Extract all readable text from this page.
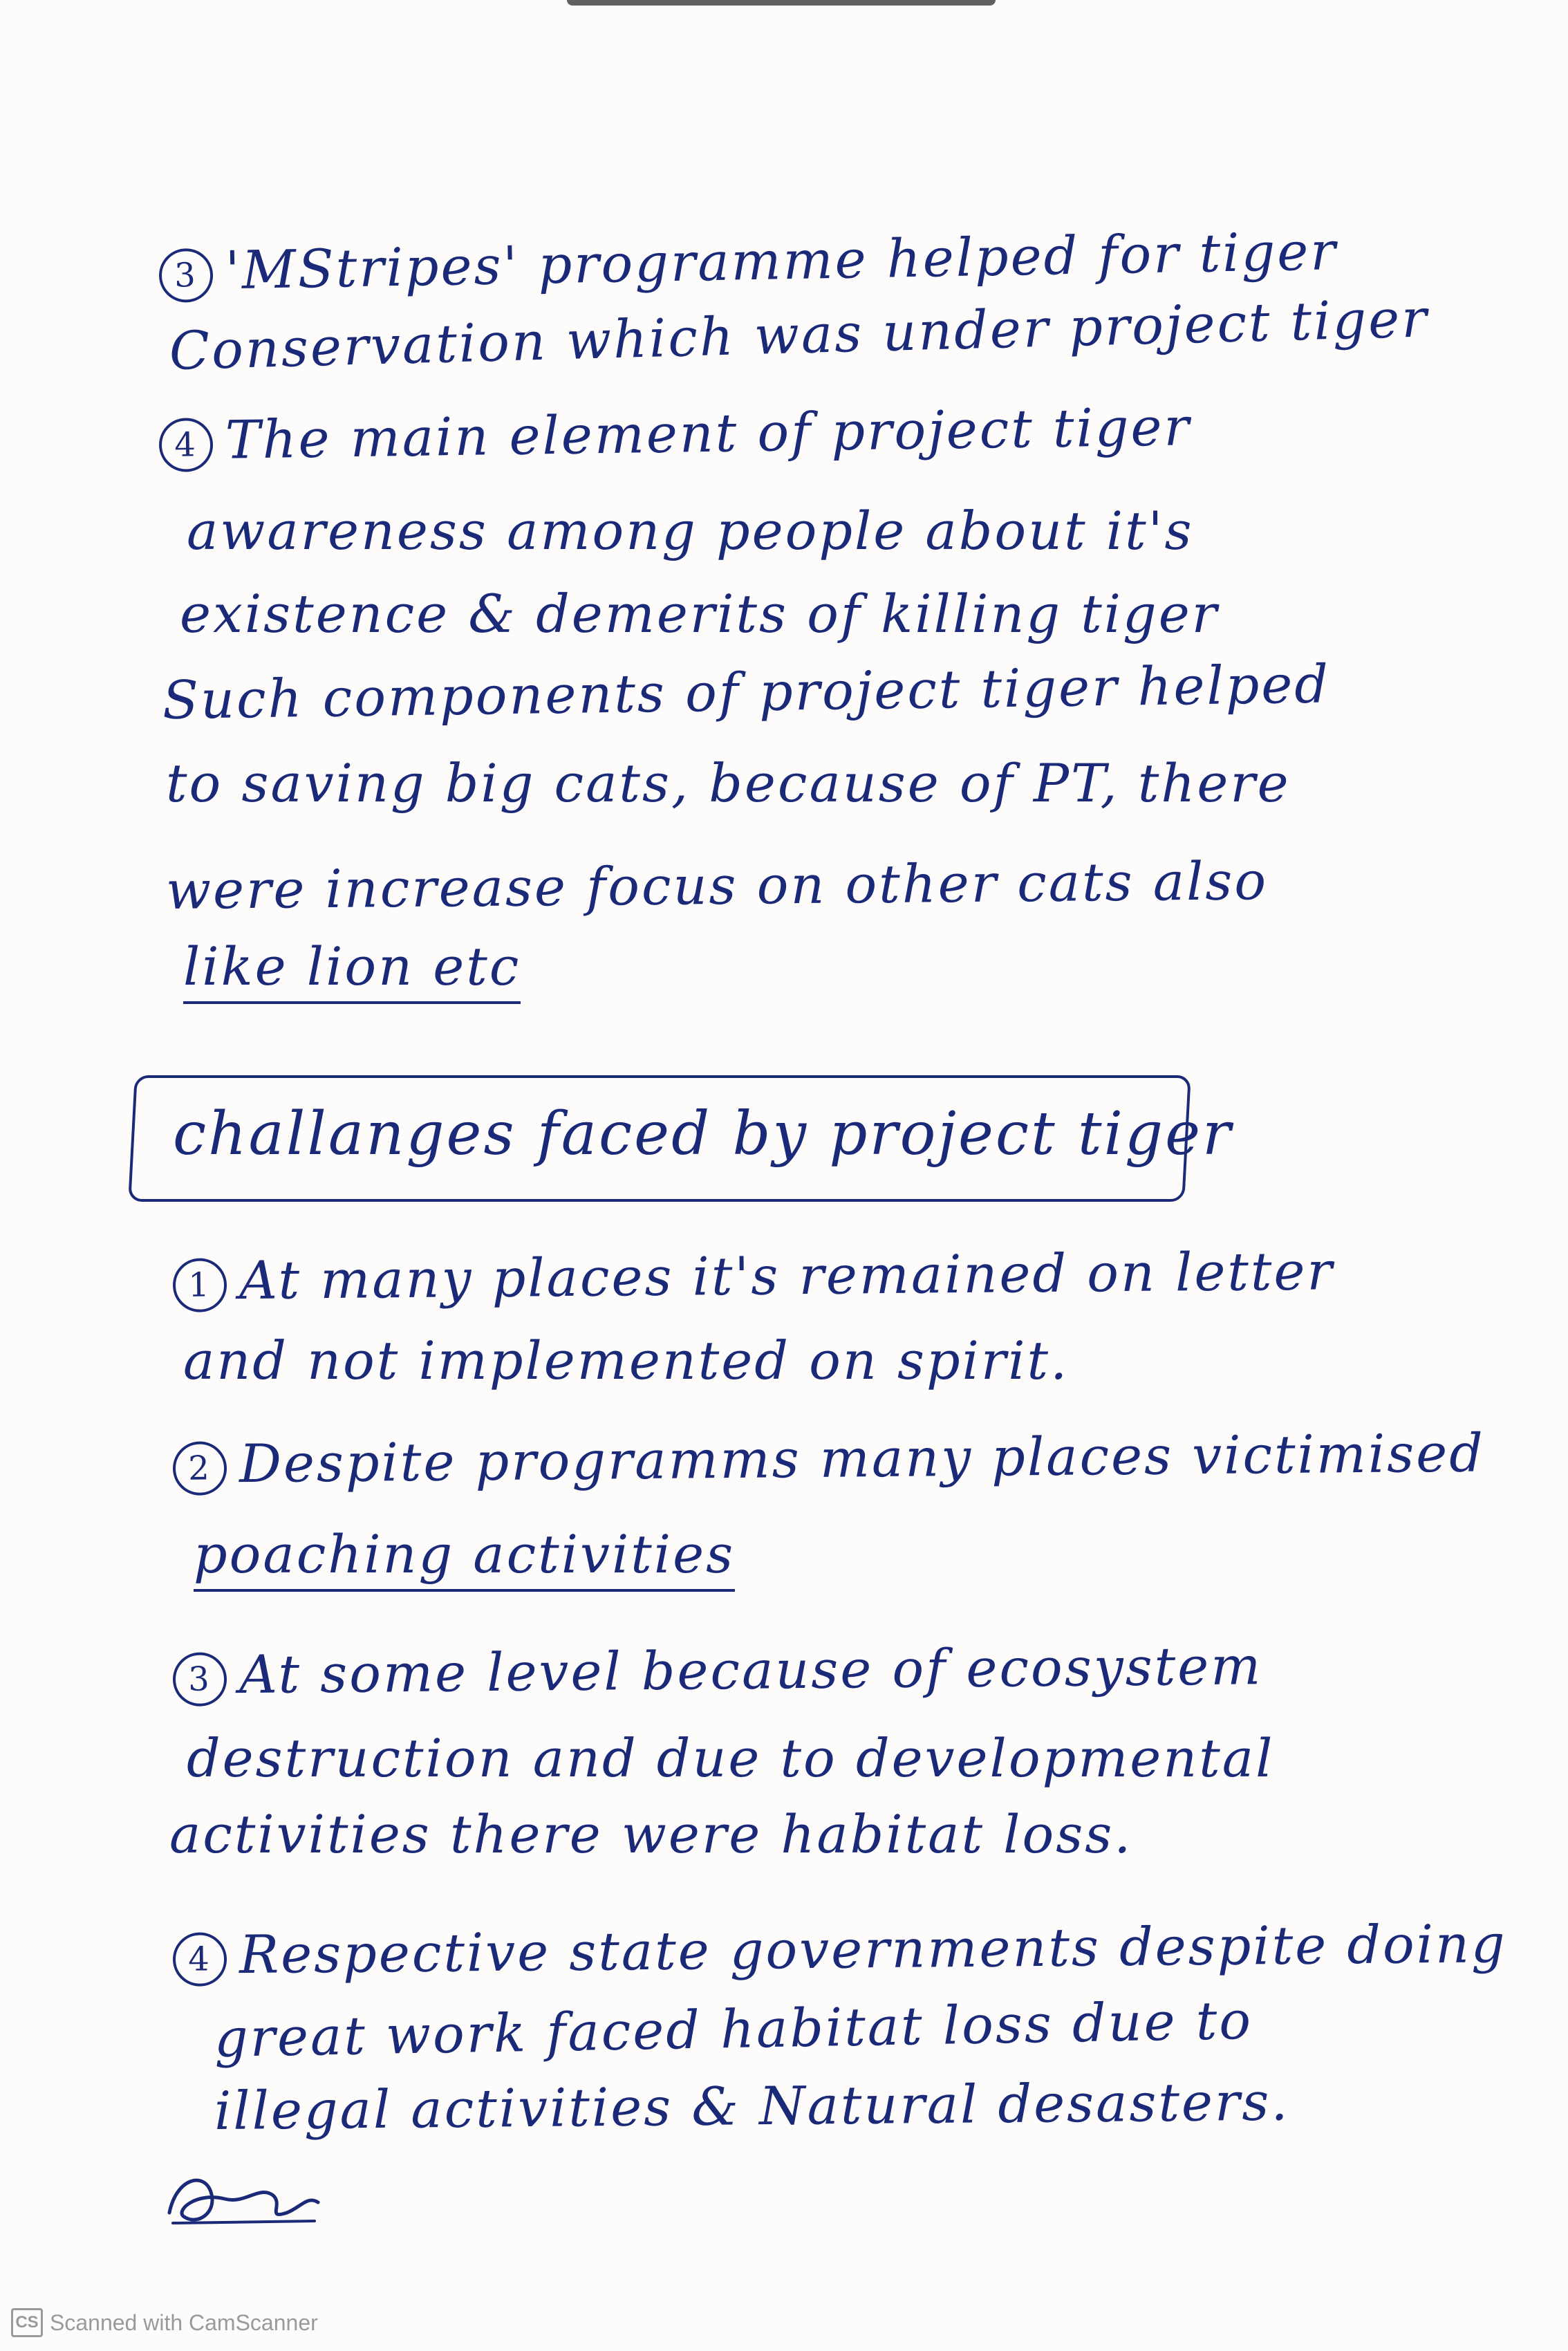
3 'MStripes' programme helped for tiger
Conservation which was under project tiger
4 The main element of project tiger
awareness among people about it's
existence & demerits of killing tiger
Such components of project tiger helped
to saving big cats, because of PT, there
were increase focus on other cats also
like lion etc
challanges faced by project tiger
1 At many places it's remained on letter
and not implemented on spirit.
2 Despite programms many places victimised
poaching activities
3 At some level because of ecosystem
destruction and due to developmental
activities there were habitat loss.
4 Respective state governments despite doing
great work faced habitat loss due to
illegal activities & Natural desasters.
CS Scanned with CamScanner
